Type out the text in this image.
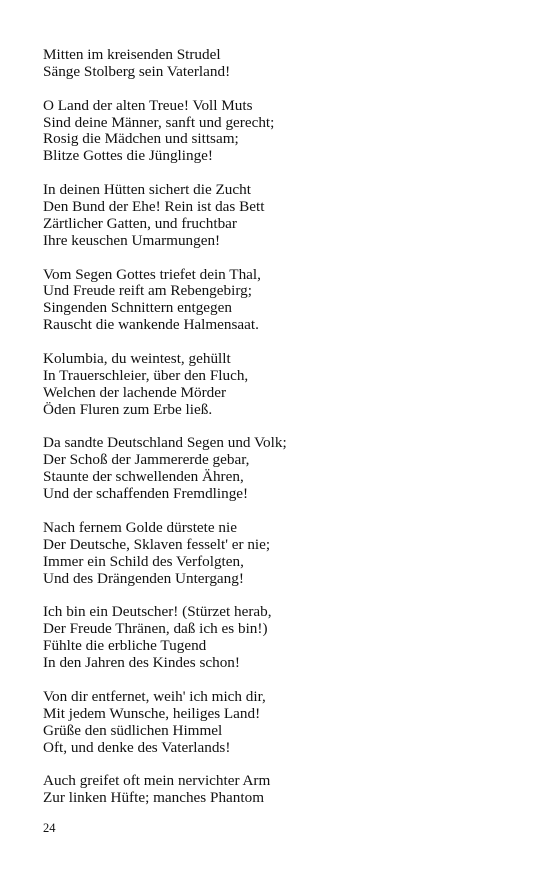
Mitten im kreisenden Strudel
Sänge Stolberg sein Vaterland!
O Land der alten Treue! Voll Muts
Sind deine Männer, sanft und gerecht;
Rosig die Mädchen und sittsam;
Blitze Gottes die Jünglinge!
In deinen Hütten sichert die Zucht
Den Bund der Ehe! Rein ist das Bett
Zärtlicher Gatten, und fruchtbar
Ihre keuschen Umarmungen!
Vom Segen Gottes triefet dein Thal,
Und Freude reift am Rebengebirg;
Singenden Schnittern entgegen
Rauscht die wankende Halmensaat.
Kolumbia, du weintest, gehüllt
In Trauerschleier, über den Fluch,
Welchen der lachende Mörder
Öden Fluren zum Erbe ließ.
Da sandte Deutschland Segen und Volk;
Der Schoß der Jammererde gebar,
Staunte der schwellenden Ähren,
Und der schaffenden Fremdlinge!
Nach fernem Golde dürstete nie
Der Deutsche, Sklaven fesselt' er nie;
Immer ein Schild des Verfolgten,
Und des Drängenden Untergang!
Ich bin ein Deutscher! (Stürzet herab,
Der Freude Thränen, daß ich es bin!)
Fühlte die erbliche Tugend
In den Jahren des Kindes schon!
Von dir entfernet, weih' ich mich dir,
Mit jedem Wunsche, heiliges Land!
Grüße den südlichen Himmel
Oft, und denke des Vaterlands!
Auch greifet oft mein nervichter Arm
Zur linken Hüfte; manches Phantom
24
